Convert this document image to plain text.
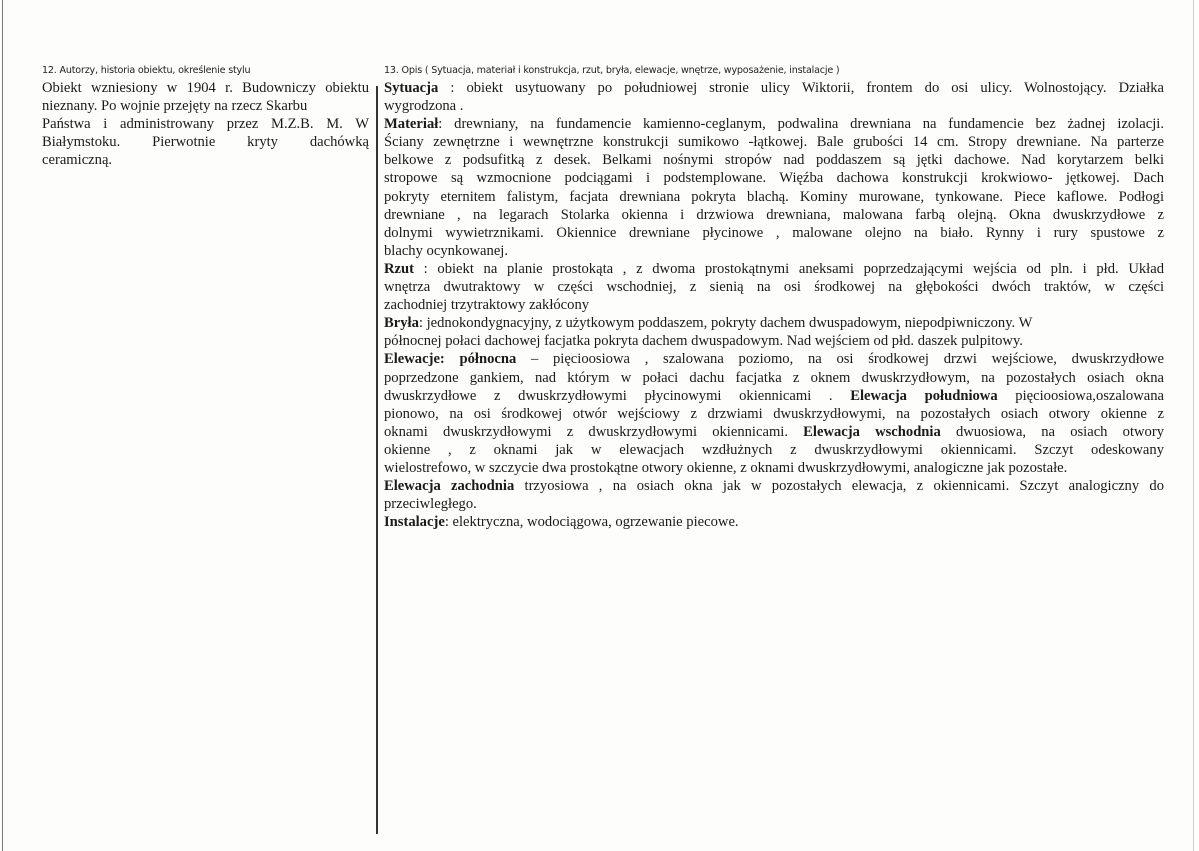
12. Autorzy, historia obiektu, określenie stylu	13. Opis ( Sytuacja, materiał i konstrukcja, rzut, bryła, elewacje, wnętrze, wyposażenie, instalacje )
Obiekt wzniesiony w 1904 r. Budowniczy obiektu
nieznany. Po wojnie przejęty na rzecz Skarbu
Państwa i administrowany przez M.Z.B. M. W
Białymstoku. Pierwotnie kryty dachówką
ceramiczną.
Sytuacja : obiekt usytuowany po południowej stronie ulicy Wiktorii, frontem do osi ulicy. Wolnostojący. Działka
wygrodzona .
Materiał: drewniany, na fundamencie kamienno-ceglanym, podwalina drewniana na fundamencie bez żadnej izolacji.
Ściany zewnętrzne i wewnętrzne konstrukcji sumikowo -łątkowej. Bale grubości 14 cm. Stropy drewniane. Na parterze
belkowe z podsufitką z desek. Belkami nośnymi stropów nad poddaszem są jętki dachowe. Nad korytarzem belki
stropowe są wzmocnione podciągami i podstemplowane. Więźba dachowa konstrukcji krokwiowo- jętkowej. Dach
pokryty eternitem falistym, facjata drewniana pokryta blachą. Kominy murowane, tynkowane. Piece kaflowe. Podłogi
drewniane , na legarach Stolarka okienna i drzwiowa drewniana, malowana farbą olejną. Okna dwuskrzydłowe z
dolnymi wywietrznikami. Okiennice drewniane płycinowe , malowane olejno na biało. Rynny i rury spustowe z
blachy ocynkowanej.
Rzut : obiekt na planie prostokąta , z dwoma prostokątnymi aneksami poprzedzającymi wejścia od pln. i płd. Układ
wnętrza dwutraktowy w części wschodniej, z sienią na osi środkowej na głębokości dwóch traktów, w części
zachodniej trzytraktowy zakłócony
Bryła: jednokondygnacyjny, z użytkowym poddaszem, pokryty dachem dwuspadowym, niepodpiwniczony. W
północnej połaci dachowej facjatka pokryta dachem dwuspadowym. Nad wejściem od płd. daszek pulpitowy.
Elewacje: północna – pięcioosiowa , szalowana poziomo, na osi środkowej drzwi wejściowe, dwuskrzydłowe
poprzedzone gankiem, nad którym w połaci dachu facjatka z oknem dwuskrzydłowym, na pozostałych osiach okna
dwuskrzydłowe z dwuskrzydłowymi płycinowymi okiennicami . Elewacja południowa pięcioosiowa,oszalowana
pionowo, na osi środkowej otwór wejściowy z drzwiami dwuskrzydłowymi, na pozostałych osiach otwory okienne z
oknami dwuskrzydłowymi z dwuskrzydłowymi okiennicami. Elewacja wschodnia dwuosiowa, na osiach otwory
okienne , z oknami jak w elewacjach wzdłużnych z dwuskrzydłowymi okiennicami. Szczyt odeskowany
wielostrefowo, w szczycie dwa prostokątne otwory okienne, z oknami dwuskrzydłowymi, analogiczne jak pozostałe.
Elewacja zachodnia trzyosiowa , na osiach okna jak w pozostałych elewacja, z okiennicami. Szczyt analogiczny do
przeciwległego.
Instalacje: elektryczna, wodociągowa, ogrzewanie piecowe.
